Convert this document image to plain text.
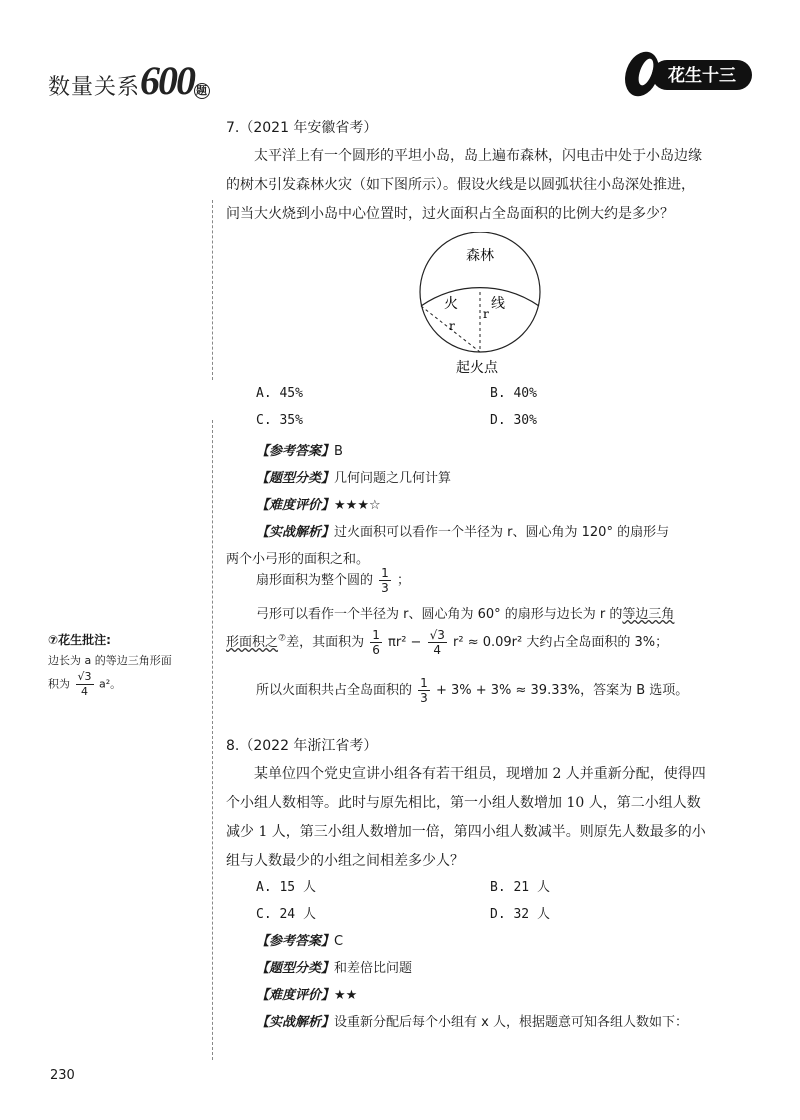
数量关系600 题
花生十三
7.（2021 年安徽省考）
太平洋上有一个圆形的平坦小岛，岛上遍布森林，闪电击中处于小岛边缘
的树木引发森林火灾（如下图所示）。假设火线是以圆弧状往小岛深处推进，
问当大火烧到小岛中心位置时，过火面积占全岛面积的比例大约是多少？
森林
火 线
r
r
起火点
A. 45%	B. 40%
C. 35%	D. 30%
【参考答案】B
【题型分类】几何问题之几何计算
【难度评价】★★★☆
【实战解析】过火面积可以看作一个半径为 r、圆心角为 120° 的扇形与
两个小弓形的面积之和。
扇形面积为整个圆的 $\frac{1}{3}$ ；
弓形可以看作一个半径为 r、圆心角为 60° 的扇形与边长为 r 的等边三角
形面积之⑦差，其面积为 $\frac{1}{6} \pi r^2 - \frac{√3}{4} r^2 \approx 0.09r^2$ 大约占全岛面积的 3%；
所以火面积共占全岛面积的 $\frac{1}{3} + 3\% + 3\% \approx 39.33\%$，答案为 B 选项。
⑦花生批注:
边长为 a 的等边三角形面
积为 $\frac{√3}{4} a^2$。
8.（2022 年浙江省考）
某单位四个党史宣讲小组各有若干组员，现增加 2 人并重新分配，使得四
个小组人数相等。此时与原先相比，第一小组人数增加 10 人，第二小组人数
减少 1 人，第三小组人数增加一倍，第四小组人数减半。则原先人数最多的小
组与人数最少的小组之间相差多少人？
A. 15 人	B. 21 人
C. 24 人	D. 32 人
【参考答案】C
【题型分类】和差倍比问题
【难度评价】★★
【实战解析】设重新分配后每个小组有 x 人，根据题意可知各组人数如下：
230
